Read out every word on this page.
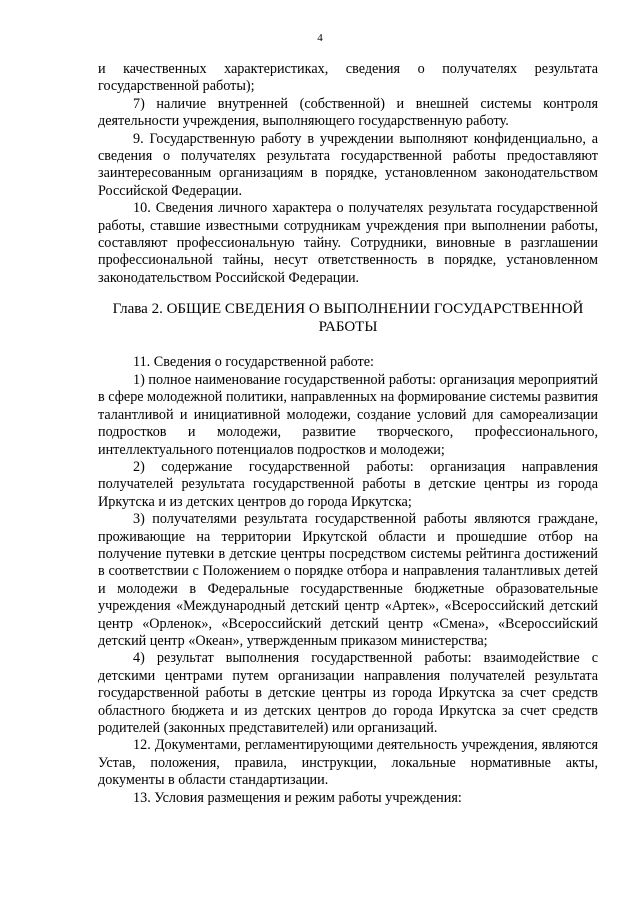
4

и качественных характеристиках, сведения о получателях результата государственной работы);

7) наличие внутренней (собственной) и внешней системы контроля деятельности учреждения, выполняющего государственную работу.

9. Государственную работу в учреждении выполняют конфиденциально, а сведения о получателях результата государственной работы предоставляют заинтересованным организациям в порядке, установленном законодательством Российской Федерации.

10. Сведения личного характера о получателях результата государственной работы, ставшие известными сотрудникам учреждения при выполнении работы, составляют профессиональную тайну. Сотрудники, виновные в разглашении профессиональной тайны, несут ответственность в порядке, установленном законодательством Российской Федерации.

Глава 2. ОБЩИЕ СВЕДЕНИЯ О ВЫПОЛНЕНИИ ГОСУДАРСТВЕННОЙ РАБОТЫ

11. Сведения о государственной работе:

1) полное наименование государственной работы: организация мероприятий в сфере молодежной политики, направленных на формирование системы развития талантливой и инициативной молодежи, создание условий для самореализации подростков и молодежи, развитие творческого, профессионального, интеллектуального потенциалов подростков и молодежи;

2) содержание государственной работы: организация направления получателей результата государственной работы в детские центры из города Иркутска и из детских центров до города Иркутска;

3) получателями результата государственной работы являются граждане, проживающие на территории Иркутской области и прошедшие отбор на получение путевки в детские центры посредством системы рейтинга достижений в соответствии с Положением о порядке отбора и направления талантливых детей и молодежи в Федеральные государственные бюджетные образовательные учреждения «Международный детский центр «Артек», «Всероссийский детский центр «Орленок», «Всероссийский детский центр «Смена», «Всероссийский детский центр «Океан», утвержденным приказом министерства;

4) результат выполнения государственной работы: взаимодействие с детскими центрами путем организации направления получателей результата государственной работы в детские центры из города Иркутска за счет средств областного бюджета и из детских центров до города Иркутска за счет средств родителей (законных представителей) или организаций.

12. Документами, регламентирующими деятельность учреждения, являются Устав, положения, правила, инструкции, локальные нормативные акты, документы в области стандартизации.

13. Условия размещения и режим работы учреждения:
